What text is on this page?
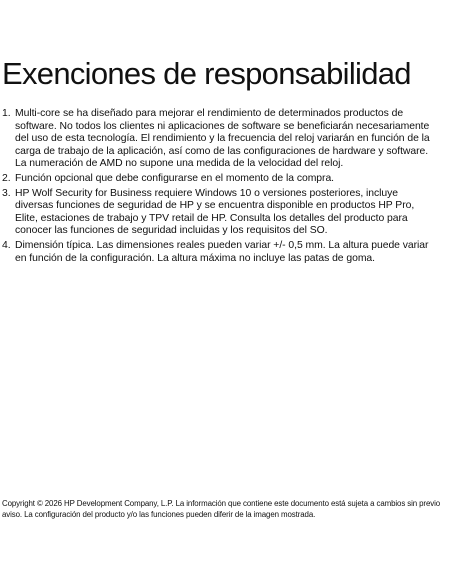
Exenciones de responsabilidad
1. Multi-core se ha diseñado para mejorar el rendimiento de determinados productos de software. No todos los clientes ni aplicaciones de software se beneficiarán necesariamente del uso de esta tecnología. El rendimiento y la frecuencia del reloj variarán en función de la carga de trabajo de la aplicación, así como de las configuraciones de hardware y software. La numeración de AMD no supone una medida de la velocidad del reloj.
2. Función opcional que debe configurarse en el momento de la compra.
3. HP Wolf Security for Business requiere Windows 10 o versiones posteriores, incluye diversas funciones de seguridad de HP y se encuentra disponible en productos HP Pro, Elite, estaciones de trabajo y TPV retail de HP. Consulta los detalles del producto para conocer las funciones de seguridad incluidas y los requisitos del SO.
4. Dimensión típica. Las dimensiones reales pueden variar +/- 0,5 mm. La altura puede variar en función de la configuración. La altura máxima no incluye las patas de goma.

Copyright © 2026 HP Development Company, L.P. La información que contiene este documento está sujeta a cambios sin previo aviso. La configuración del producto y/o las funciones pueden diferir de la imagen mostrada.
